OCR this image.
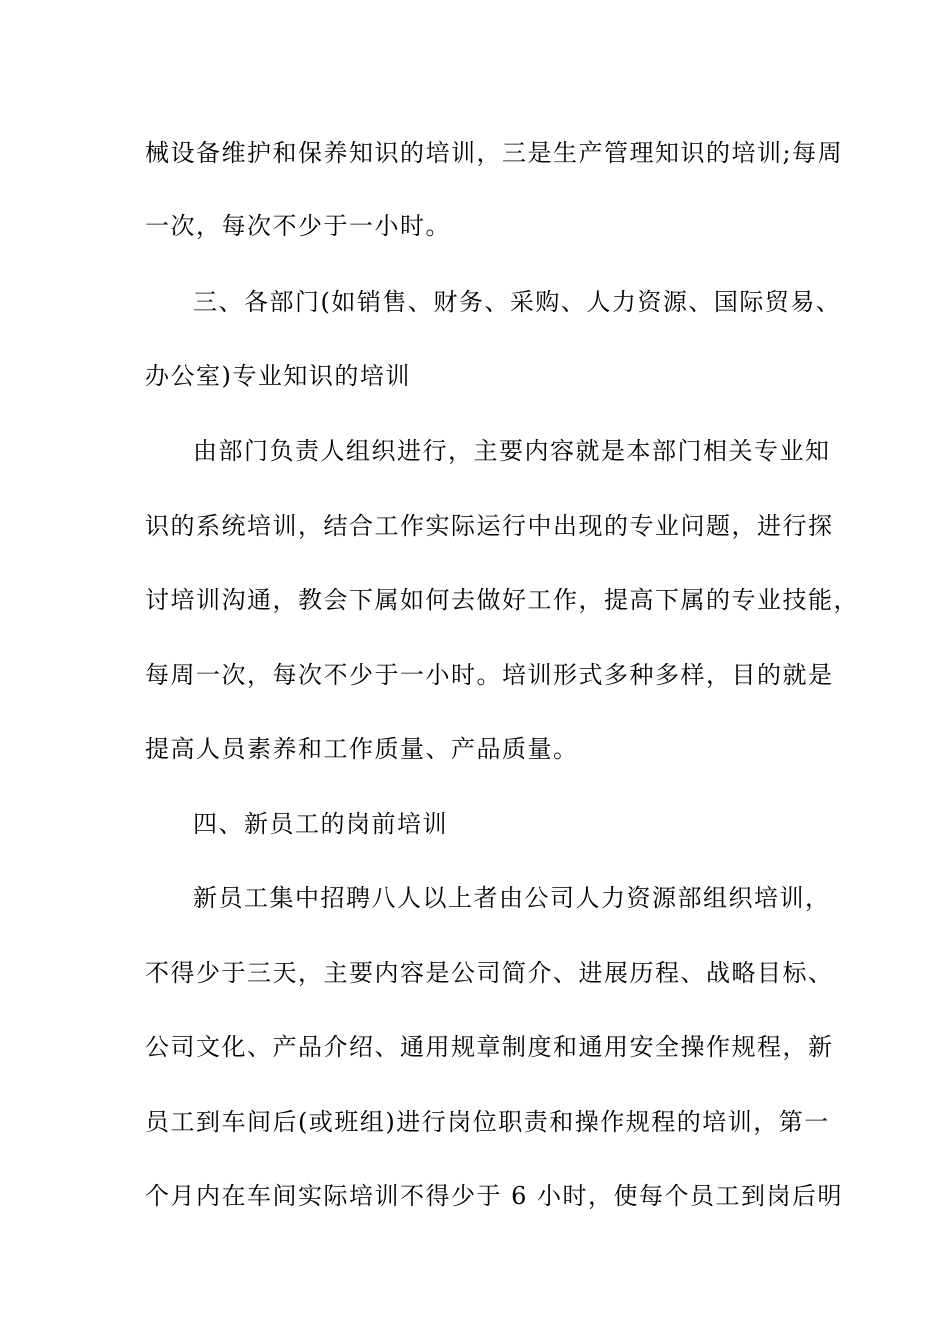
械设备维护和保养知识的培训，三是生产管理知识的培训;每周
一次，每次不少于一小时。
三、各部门(如销售、财务、采购、人力资源、国际贸易、
办公室)专业知识的培训
由部门负责人组织进行，主要内容就是本部门相关专业知
识的系统培训，结合工作实际运行中出现的专业问题，进行探
讨培训沟通，教会下属如何去做好工作，提高下属的专业技能，
每周一次，每次不少于一小时。培训形式多种多样，目的就是
提高人员素养和工作质量、产品质量。
四、新员工的岗前培训
新员工集中招聘八人以上者由公司人力资源部组织培训，
不得少于三天，主要内容是公司简介、进展历程、战略目标、
公司文化、产品介绍、通用规章制度和通用安全操作规程，新
员工到车间后(或班组)进行岗位职责和操作规程的培训，第一
个月内在车间实际培训不得少于 6 小时，使每个员工到岗后明
